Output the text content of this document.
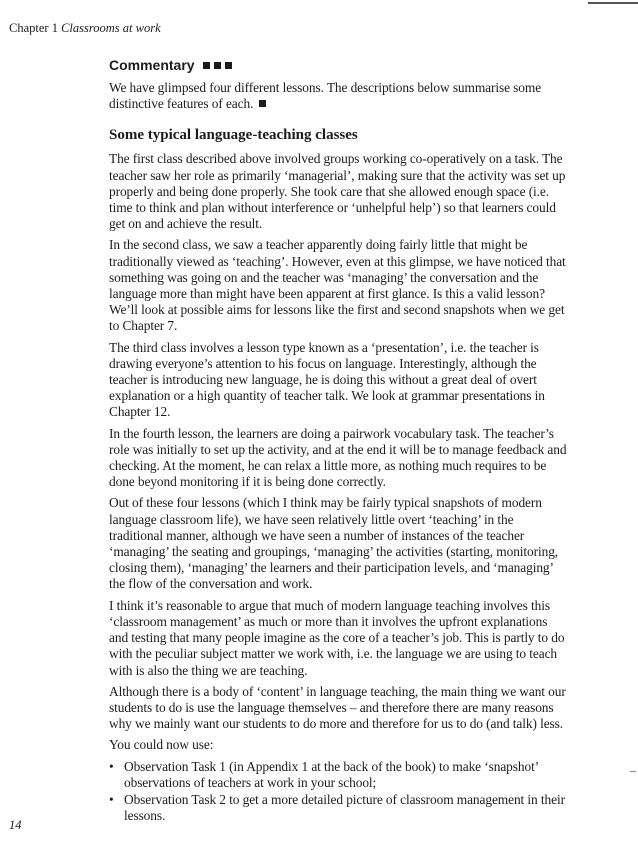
Chapter 1 Classrooms at work
Commentary

We have glimpsed four different lessons. The descriptions below summarise some distinctive features of each.

Some typical language-teaching classes

The first class described above involved groups working co-operatively on a task. The teacher saw her role as primarily ‘managerial’, making sure that the activity was set up properly and being done properly. She took care that she allowed enough space (i.e. time to think and plan without interference or ‘unhelpful help’) so that learners could get on and achieve the result.

In the second class, we saw a teacher apparently doing fairly little that might be traditionally viewed as ‘teaching’. However, even at this glimpse, we have noticed that something was going on and the teacher was ‘managing’ the conversation and the language more than might have been apparent at first glance. Is this a valid lesson? We’ll look at possible aims for lessons like the first and second snapshots when we get to Chapter 7.

The third class involves a lesson type known as a ‘presentation’, i.e. the teacher is drawing everyone’s attention to his focus on language. Interestingly, although the teacher is introducing new language, he is doing this without a great deal of overt explanation or a high quantity of teacher talk. We look at grammar presentations in Chapter 12.

In the fourth lesson, the learners are doing a pairwork vocabulary task. The teacher’s role was initially to set up the activity, and at the end it will be to manage feedback and checking. At the moment, he can relax a little more, as nothing much requires to be done beyond monitoring if it is being done correctly.

Out of these four lessons (which I think may be fairly typical snapshots of modern language classroom life), we have seen relatively little overt ‘teaching’ in the traditional manner, although we have seen a number of instances of the teacher ‘managing’ the seating and groupings, ‘managing’ the activities (starting, monitoring, closing them), ‘managing’ the learners and their participation levels, and ‘managing’ the flow of the conversation and work.

I think it’s reasonable to argue that much of modern language teaching involves this ‘classroom management’ as much or more than it involves the upfront explanations and testing that many people imagine as the core of a teacher’s job. This is partly to do with the peculiar subject matter we work with, i.e. the language we are using to teach with is also the thing we are teaching.

Although there is a body of ‘content’ in language teaching, the main thing we want our students to do is use the language themselves – and therefore there are many reasons why we mainly want our students to do more and therefore for us to do (and talk) less.

You could now use:

• Observation Task 1 (in Appendix 1 at the back of the book) to make ‘snapshot’ observations of teachers at work in your school;
• Observation Task 2 to get a more detailed picture of classroom management in their lessons.
14
